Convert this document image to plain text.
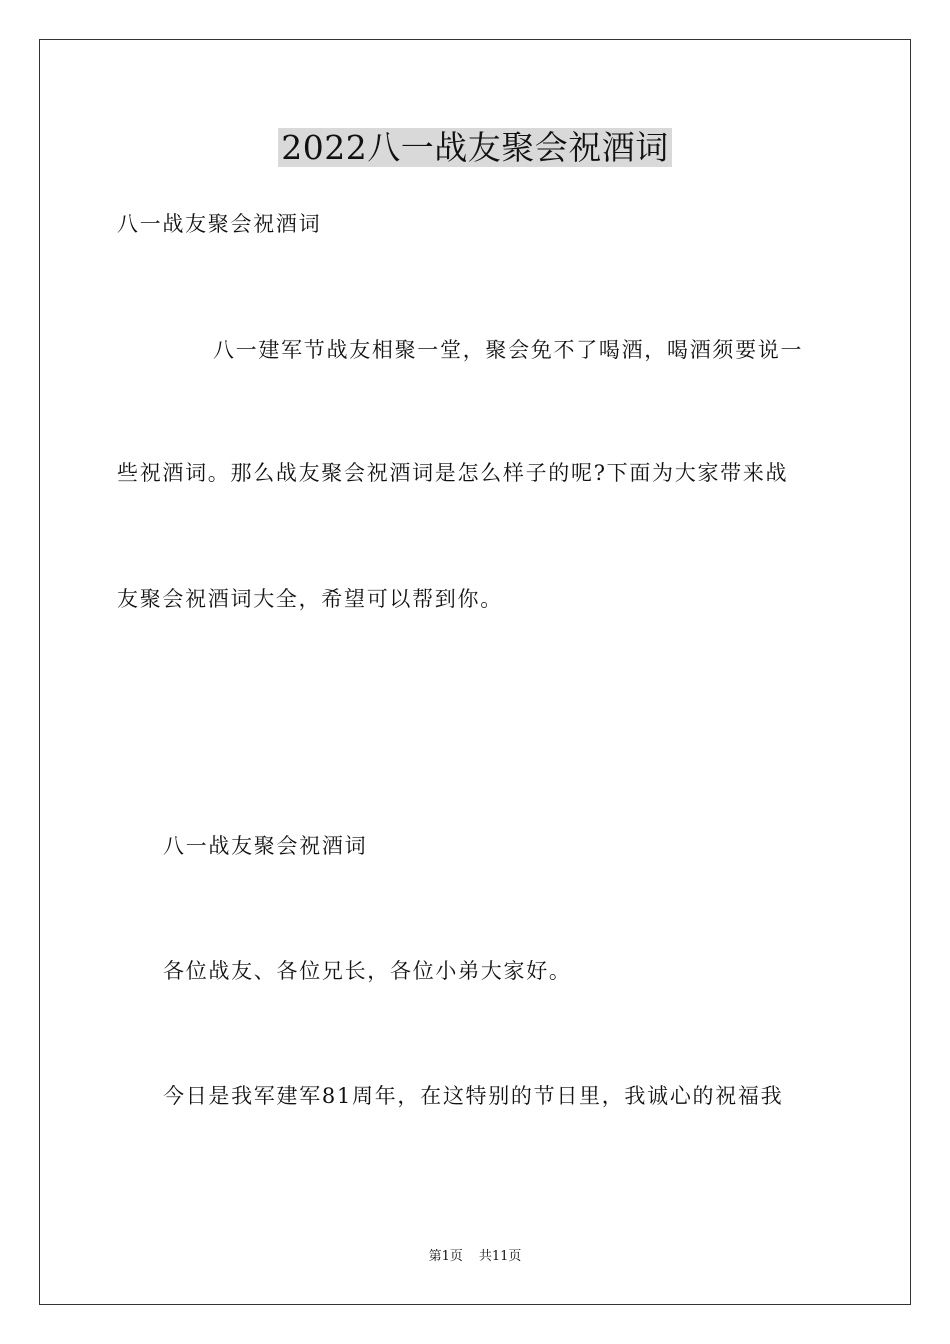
2022八一战友聚会祝酒词
八一战友聚会祝酒词
八一建军节战友相聚一堂，聚会免不了喝酒，喝酒须要说一
些祝酒词。那么战友聚会祝酒词是怎么样子的呢?下面为大家带来战
友聚会祝酒词大全，希望可以帮到你。
八一战友聚会祝酒词
各位战友、各位兄长，各位小弟大家好。
今日是我军建军81周年，在这特别的节日里，我诚心的祝福我
第1页 共11页
